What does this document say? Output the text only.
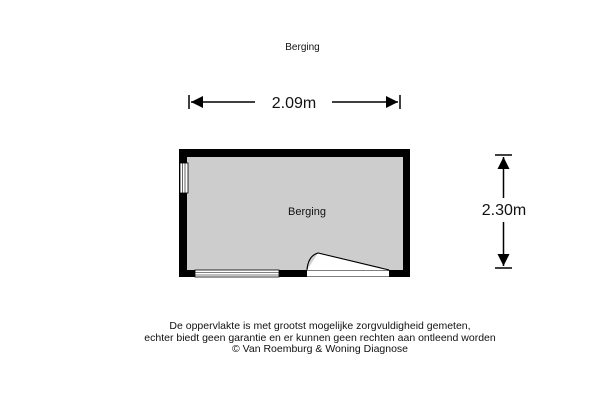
Berging
2.09m
2.30m
Berging
De oppervlakte is met grootst mogelijke zorgvuldigheid gemeten,
echter biedt geen garantie en er kunnen geen rechten aan ontleend worden
© Van Roemburg & Woning Diagnose
